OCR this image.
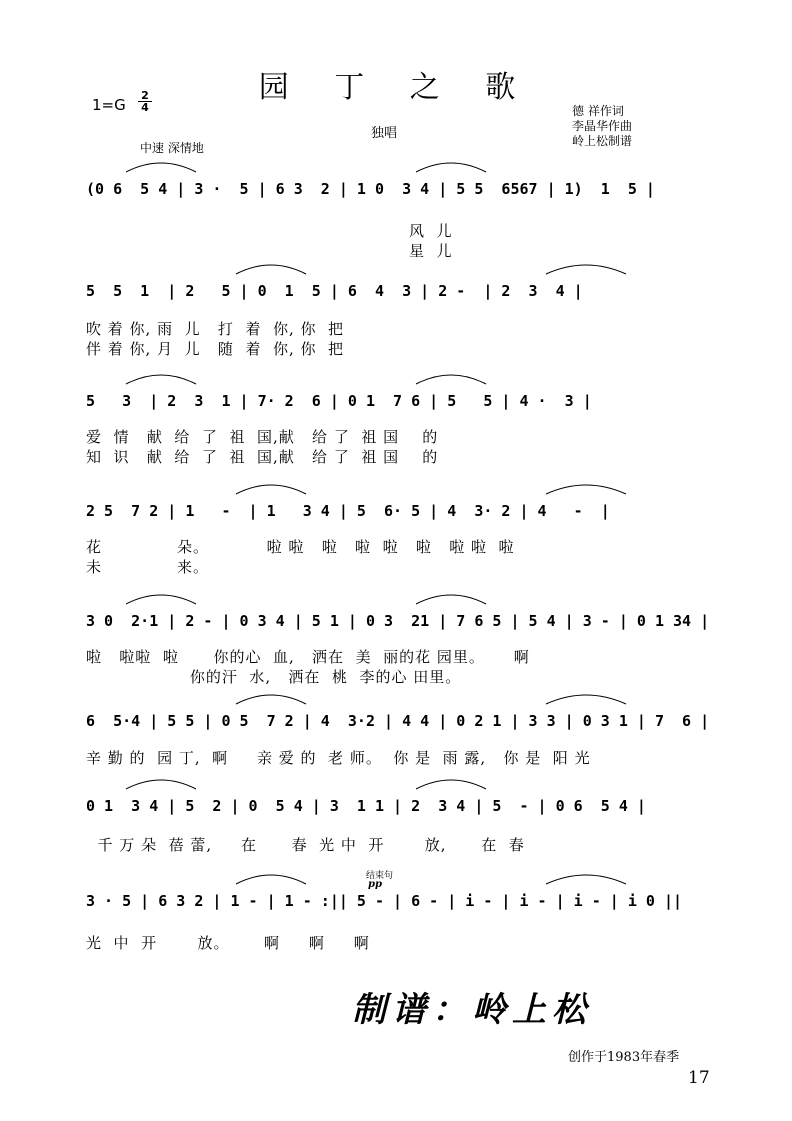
园 丁 之 歌
1=G
2
4
中速 深情地
独唱
德 祥作词
李晶华作曲
岭上松制谱
(0 6  5 4 | 3 ·  5 | 6 3  2 | 1 0  3 4 | 5 5  6567 | 1)  1  5 |
风  儿
星  儿
5  5  1  | 2   5 | 0  1  5 | 6  4  3 | 2 -  | 2  3  4 |
吹 着 你, 雨  儿   打  着  你, 你  把
伴 着 你, 月  儿   随  着  你, 你  把
5   3  | 2  3  1 | 7· 2  6 | 0 1  7 6 | 5   5 | 4 ·  3 |
爱  情   献  给  了  祖  国,献   给 了  祖 国    的
知  识   献  给  了  祖  国,献   给 了  祖 国    的
2 5  7 2 | 1   -  | 1   3 4 | 5  6· 5 | 4  3· 2 | 4   -  |
花             朵。          啦 啦   啦   啦  啦   啦   啦 啦  啦
未             来。
3 0  2·1 | 2 - | 0 3 4 | 5 1 | 0 3  21 | 7 6 5 | 5 4 | 3 - | 0 1 34 |
啦   啦啦  啦      你的心  血,   洒在  美  丽的花 园里。     啊
你的汗  水,   洒在  桃  李的心 田里。
6  5·4 | 5 5 | 0 5  7 2 | 4  3·2 | 4 4 | 0 2 1 | 3 3 | 0 3 1 | 7  6 |
辛 勤 的  园 丁,  啊     亲 爱 的  老 师。  你 是  雨 露,   你 是  阳 光
0 1  3 4 | 5  2 | 0  5 4 | 3  1 1 | 2  3 4 | 5  - | 0 6  5 4 |
千 万 朵  蓓 蕾,     在      春  光 中  开       放,      在  春
3 · 5 | 6 3 2 | 1 - | 1 - :|| 5 - | 6 - | i - | i - | i - | i 0 ||
光  中  开       放。      啊     啊     啊
结束句
pp
制谱：岭上松
创作于1983年春季
17
